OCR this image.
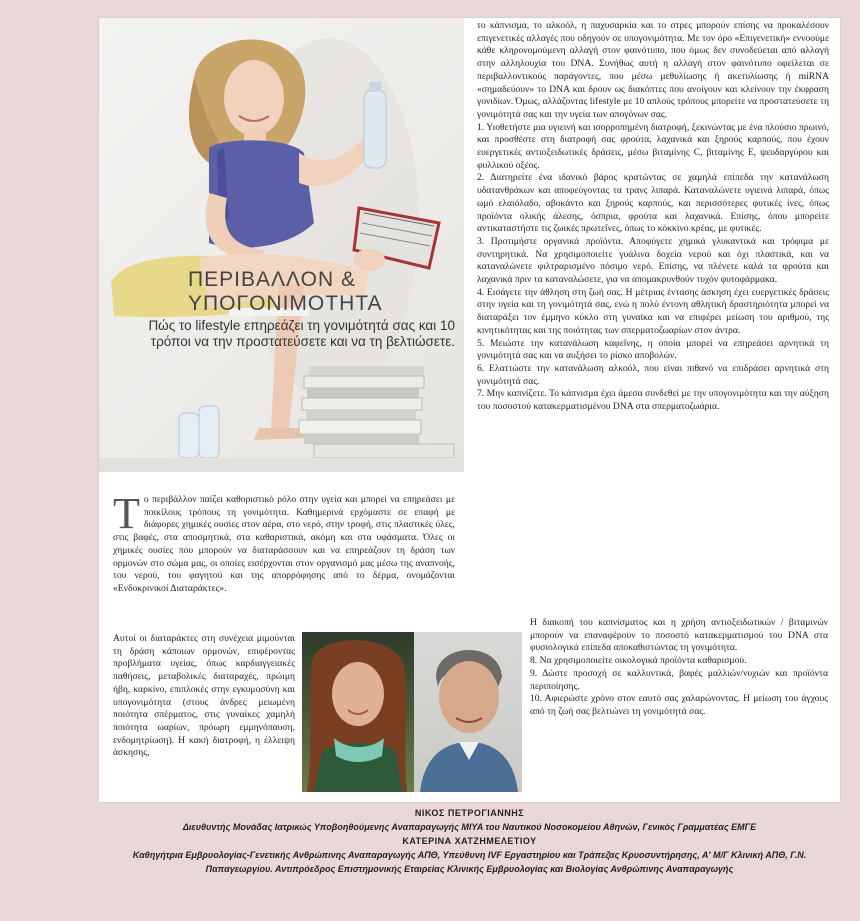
ΠΕΡΙΒΑΛΛΟΝ & ΥΠΟΓΟΝΙΜΟΤΗΤΑ

Πώς το lifestyle επηρεάζει τη γονιμότητά σας και 10 τρόποι να την προστατεύσετε και να τη βελτιώσετε.

το κάπνισμα, το αλκοόλ, η παχυσαρκία και το στρες μπορούν επίσης να προκαλέσουν επιγενετικές αλλαγές που οδηγούν σε υπογονιμότητα. Με τον όρο «Επιγενετική» εννοούμε κάθε κληρονομούμενη αλλαγή στον φαινότυπο, που όμως δεν συνοδεύεται από αλλαγή στην αλληλουχία του DNA. Συνήθως αυτή η αλλαγή στον φαινότυπο οφείλεται σε περιβαλλοντικούς παράγοντες, που μέσω μεθυλίωσης ή ακετυλίωσης ή miRNA «σημαδεύουν» το DNA και δρουν ως διακόπτες που ανοίγουν και κλείνουν την έκφραση γονιδίων. Όμως, αλλάζοντας lifestyle με 10 απλούς τρόπους μπορείτε να προστατεύσετε τη γονιμότητά σας και την υγεία των απογόνων σας.

1. Υιοθετήστε μια υγιεινή και ισορροπημένη διατροφή, ξεκινώντας με ένα πλούσιο πρωινό, και προσθέστε στη διατροφή σας φρούτα, λαχανικά και ξηρούς καρπούς, που έχουν ευεργετικές αντιοξειδωτικές δράσεις, μέσω βιταμίνης C, βιταμίνης E, ψευδαργύρου και φυλλικού οξέος.

2. Διατηρείτε ένα ιδανικό βάρος κρατώντας σε χαμηλά επίπεδα την κατανάλωση υδατανθράκων και αποφεύγοντας τα τρανς λιπαρά. Καταναλώνετε υγιεινά λιπαρά, όπως ωμό ελαιόλαδο, αβοκάντο και ξηρούς καρπούς, και περισσότερες φυτικές ίνες, όπως προϊόντα ολικής άλεσης, όσπρια, φρούτα και λαχανικά. Επίσης, όπου μπορείτε αντικαταστήστε τις ζωικές πρωτεΐνες, όπως το κόκκινο κρέας, με φυτικές.

3. Προτιμήστε οργανικά προϊόντα. Αποφύγετε χημικά γλυκαντικά και τρόφιμα με συντηρητικά. Να χρησιμοποιείτε γυάλινα δοχεία νερού και όχι πλαστικά, και να καταναλώνετε φιλτραρισμένο πόσιμο νερό. Επίσης, να πλένετε καλά τα φρούτα και λαχανικά πριν τα καταναλώσετε, για να απομακρυνθούν τυχόν φυτοφάρμακα.

4. Εισάγετε την άθληση στη ζωή σας. Η μέτριας έντασης άσκηση έχει ευεργετικές δράσεις στην υγεία και τη γονιμότητά σας, ενώ η πολύ έντονη αθλητική δραστηριότητα μπορεί να διαταράξει τον έμμηνο κύκλο στη γυναίκα και να επιφέρει μείωση του αριθμού, της κινητικότητας και της ποιότητας των σπερματοζωαρίων στον άντρα.

5. Μειώστε την κατανάλωση καφεΐνης, η οποία μπορεί να επηρεάσει αρνητικά τη γονιμότητά σας και να αυξήσει το ρίσκο αποβολών.

6. Ελαττώστε την κατανάλωση αλκοόλ, που είναι πιθανό να επιδράσει αρνητικά στη γονιμότητά σας.

7. Μην καπνίζετε. Το κάπνισμα έχει άμεσα συνδεθεί με την υπογονιμότητα και την αύξηση του ποσοστού κατακερματισμένου DNA στα σπερματοζωάρια.

Η διακοπή του καπνίσματος και η χρήση αντιοξειδωτικών / βιταμινών μπορούν να επαναφέρουν το ποσοστό κατακερματισμού του DNA στα φυσιολογικά επίπεδα αποκαθιστώντας τη γονιμότητα.

8. Να χρησιμοποιείτε οικολογικά προϊόντα καθαρισμού.

9. Δώστε προσοχή σε καλλυντικά, βαφές μαλλιών/νυχιών και προϊόντα περιποίησης.

10. Αφιερώστε χρόνο στον εαυτό σας χαλαρώνοντας. Η μείωση του άγχους από τη ζωή σας βελτιώνει τη γονιμότητά σας.

Τ ο περιβάλλον παίζει καθοριστικό ρόλο στην υγεία και μπορεί να επηρεάσει με ποικίλους τρόπους τη γονιμότητα. Καθημερινά ερχόμαστε σε επαφή με διάφορες χημικές ουσίες στον αέρα, στο νερό, στην τροφή, στις πλαστικές ύλες, στις βαφές, στα αποσμητικά, στα καθαριστικά, ακόμη και στα υφάσματα. Όλες οι χημικές ουσίες που μπορούν να διαταράσσουν και να επηρεάζουν τη δράση των ορμονών στο σώμα μας, οι οποίες εισέρχονται στον οργανισμό μας μέσω της αναπνοής, του νερού, του φαγητού και της απορρόφησης από το δέρμα, ονομάζονται «Ενδοκρινικοί Διαταράκτες».

Αυτοί οι διαταράκτες στη συνέχεια μιμούνται τη δράση κάποιων ορμονών, επιφέροντας προβλήματα υγείας, όπως καρδιαγγειακές παθήσεις, μεταβολικές διαταραχές, πρώιμη ήβη, καρκίνο, επιπλοκές στην εγκυμοσύνη και υπογονιμότητα (στους άνδρες μειωμένη ποιότητα σπέρματος, στις γυναίκες χαμηλή ποιότητα ωαρίων, πρόωρη εμμηνόπαυση, ενδομητρίωση). Η κακή διατροφή, η έλλειψη άσκησης,

ΝΙΚΟΣ ΠΕΤΡΟΓΙΑΝΝΗΣ
Διευθυντής Μονάδας Ιατρικώς Υποβοηθούμενης Αναπαραγωγής MIYA του Ναυτικού Νοσοκομείου Αθηνών, Γενικός Γραμματέας ΕΜΓΕ
ΚΑΤΕΡΙΝΑ ΧΑΤΖΗΜΕΛΕΤΙΟΥ
Καθηγήτρια Εμβρυολογίας-Γενετικής Ανθρώπινης Αναπαραγωγής ΑΠΘ, Υπεύθυνη IVF Εργαστηρίου και Τράπεζας Κρυοσυντήρησης, Α' Μ/Γ Κλινική ΑΠΘ, Γ.Ν. Παπαγεωργίου. Αντιπρόεδρος Επιστημονικής Εταιρείας Κλινικής Εμβρυολογίας και Βιολογίας Ανθρώπινης Αναπαραγωγής
